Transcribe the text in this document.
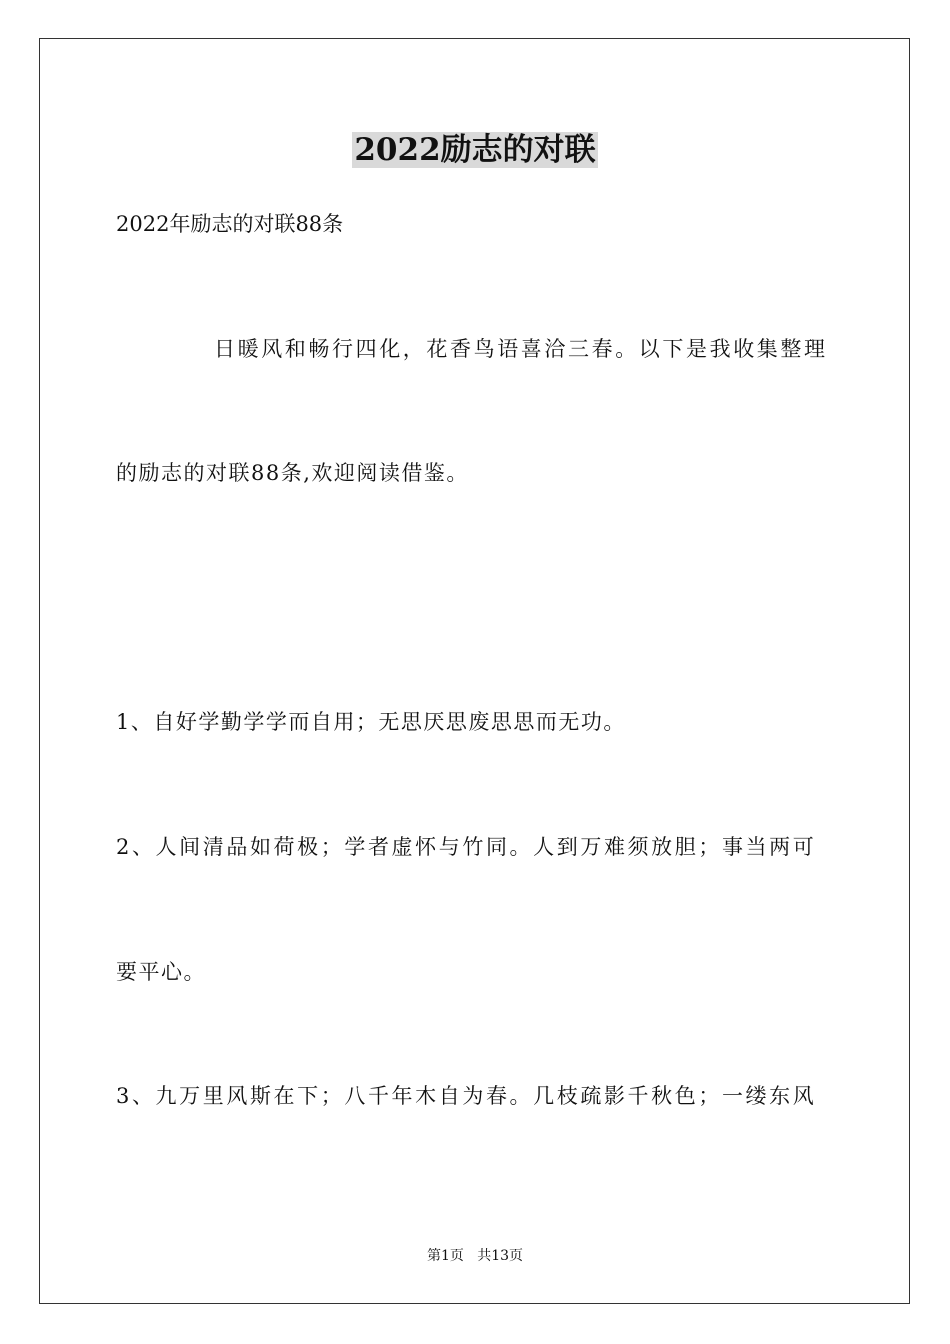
2022励志的对联
2022年励志的对联88条
日暖风和畅行四化，花香鸟语喜洽三春。以下是我收集整理
的励志的对联88条,欢迎阅读借鉴。
1、自好学勤学学而自用；无思厌思废思思而无功。
2、人间清品如荷极；学者虚怀与竹同。人到万难须放胆；事当两可
要平心。
3、九万里风斯在下；八千年木自为春。几枝疏影千秋色；一缕东风
第1页   共13页
